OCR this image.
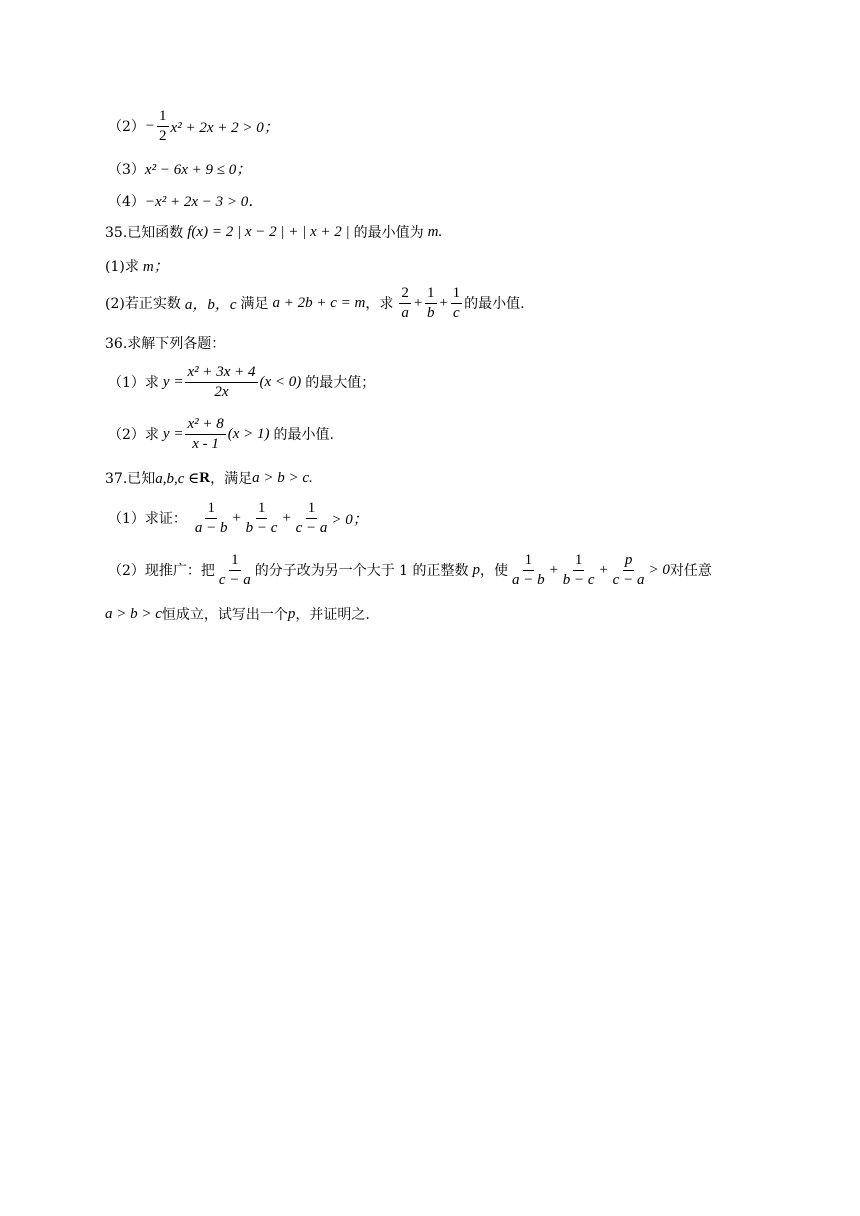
$(2) - \frac{1}{2} x^2 + 2x + 2 > 0$；
（3） x² − 6x + 9 ≤ 0；
（4） −x² + 2x − 3 > 0．
35.已知函数 f(x) = 2 | x − 2 | + | x + 2 | 的最小值为 m.
(1)求 m；
(2)若正实数 a，b，c 满足 a + 2b + c = m ，求 $\frac{2}{a} + \frac{1}{b} + \frac{1}{c}$ 的最小值.
36.求解下列各题：
（1）求 $y = \frac{\text{x² + 3x + 4}}{2x} (x < 0)$ 的最大值；
（2）求 $y = \frac{\text{x² + 8}}{x - 1} (x > 1)$ 的最小值.
37.已知 a,b,c ∈ R ，满足 a > b > c .
（1）求证： $\frac{1}{a - b} + \frac{1}{b - c} + \frac{1}{c - a} > 0$；
（2）现推广：把 $\frac{1}{c - a}$ 的分子改为另一个大于 1 的正整数 p ，使 $\frac{1}{a - b} + \frac{1}{b - c} + \frac{p}{c - a} > 0$ 对任意
a > b > c 恒成立，试写出一个 p ，并证明之.
